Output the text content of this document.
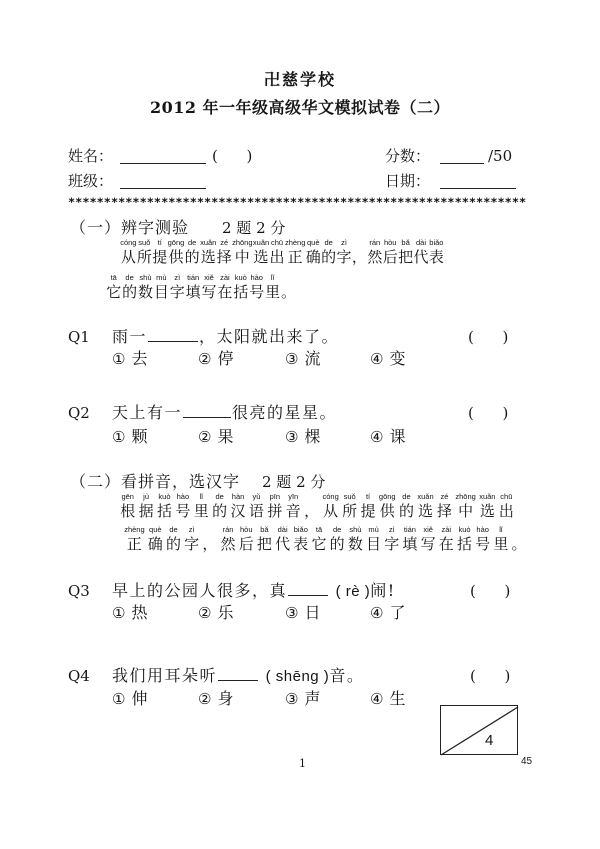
卍慈学校
2012 年一年级高级华文模拟试卷（二）
姓名：	(      )	分数：	/50
班级：	日期：
****************************************************************
（一）辨字测验 2 题 2 分
cóng
从
suǒ
所
tí
提
gōng
供
de
的
xuǎn
选
zé
择
zhōng
中
xuǎn
选
chū
出
zhèng
正
què
确
de
的
zì
字 ，
rán
然
hòu
后
bǎ
把
dài
代
biǎo
表
tā
它
de
的
shù
数
mù
目
zì
字
tián
填
xiě
写
zài
在
kuò
括
hào
号
lǐ
里 。
Q1 雨一	，太阳就出来了。	(      )
① 去	② 停	③ 流	④ 变
Q2 天上有一	很亮的星星。	(      )
① 颗	② 果	③ 棵	④ 课
（二）看拼音，选汉字 2 题 2 分
gēn
根
jù
据
kuò
括
hào
号
lǐ
里
de
的
hàn
汉
yǔ
语
pīn
拼
yīn
音 ，
cóng
从
suǒ
所
tí
提
gōng
供
de
的
xuǎn
选
zé
择
zhōng
中
xuǎn
选
chū
出
zhèng
正
què
确
de
的
zì
字 ，
rán
然
hòu
后
bǎ
把
dài
代
biǎo
表
tā
它
de
的
shù
数
mù
目
zì
字
tián
填
xiě
写
zài
在
kuò
括
hào
号
lǐ
里 。
Q3 早上的公园人很多，真	( rè )闹!	(      )
① 热	② 乐	③ 日	④ 了
Q4 我们用耳朵听	( shēng )音。	(      )
① 伸	② 身	③ 声	④ 生
4
1	45
